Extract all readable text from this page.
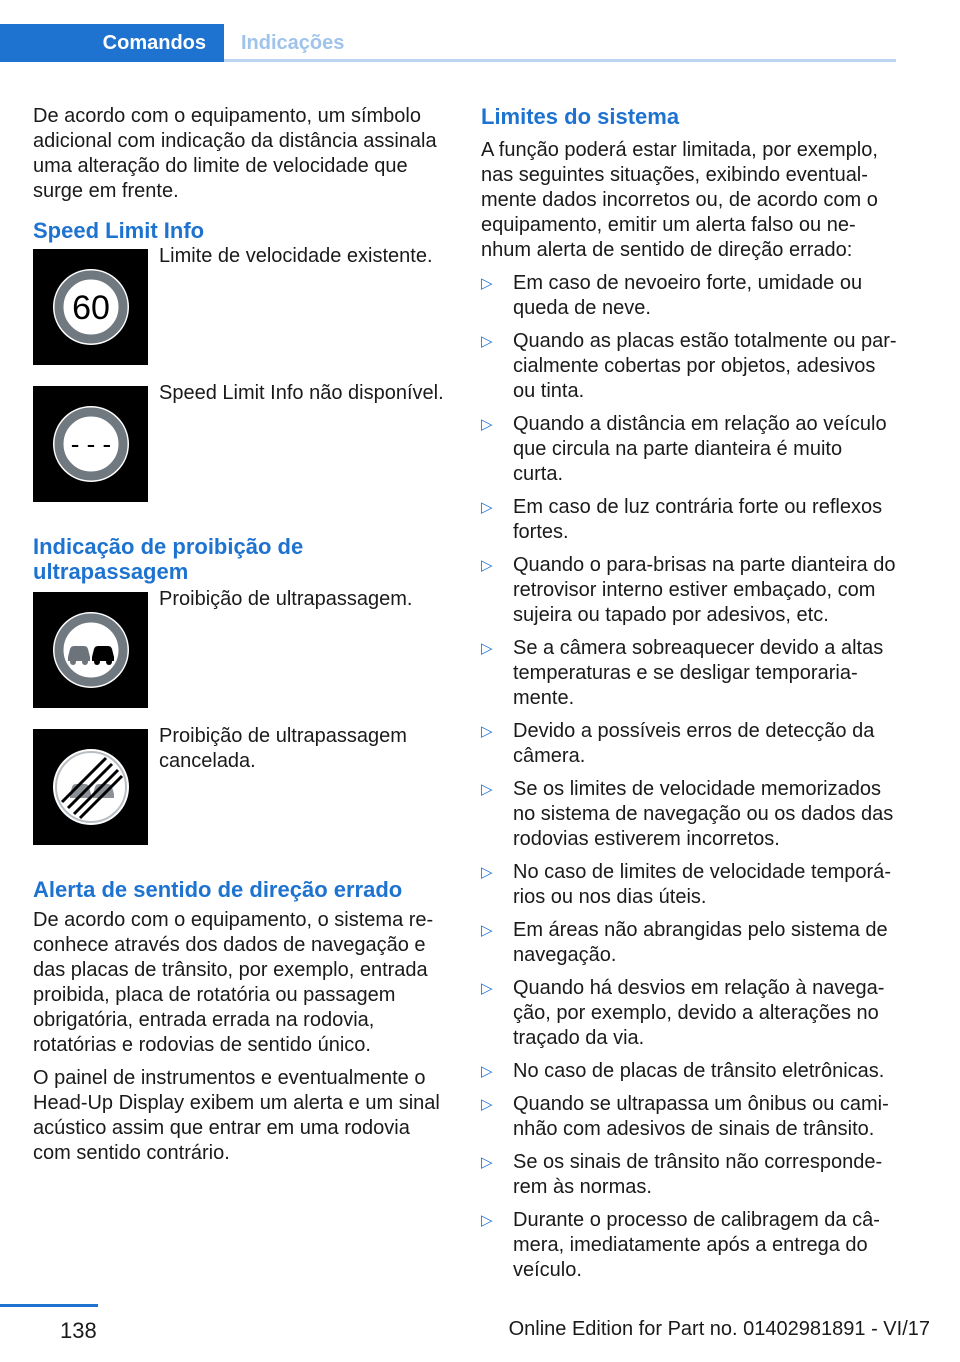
Comandos	Indicações

De acordo com o equipamento, um símbolo adicional com indicação da distância assinala uma alteração do limite de velocidade que surge em frente.

Speed Limit Info
60
Limite de velocidade existente.
- - -
Speed Limit Info não disponível.
Indicação de proibição de ultrapassagem
Proibição de ultrapassagem.
Proibição de ultrapassagem cancelada.
Alerta de sentido de direção errado

De acordo com o equipamento, o sistema reconhece através dos dados de navegação e das placas de trânsito, por exemplo, entrada proibida, placa de rotatória ou passagem obrigatória, entrada errada na rodovia, rotatórias e rodovias de sentido único.

O painel de instrumentos e eventualmente o Head-Up Display exibem um alerta e um sinal acústico assim que entrar em uma rodovia com sentido contrário.

Limites do sistema

A função poderá estar limitada, por exemplo, nas seguintes situações, exibindo eventualmente dados incorretos ou, de acordo com o equipamento, emitir um alerta falso ou nenhum alerta de sentido de direção errado:

▷ Em caso de nevoeiro forte, umidade ou queda de neve.
▷ Quando as placas estão totalmente ou parcialmente cobertas por objetos, adesivos ou tinta.
▷ Quando a distância em relação ao veículo que circula na parte dianteira é muito curta.
▷ Em caso de luz contrária forte ou reflexos fortes.
▷ Quando o para-brisas na parte dianteira do retrovisor interno estiver embaçado, com sujeira ou tapado por adesivos, etc.
▷ Se a câmera sobreaquecer devido a altas temperaturas e se desligar temporariamente.
▷ Devido a possíveis erros de detecção da câmera.
▷ Se os limites de velocidade memorizados no sistema de navegação ou os dados das rodovias estiverem incorretos.
▷ No caso de limites de velocidade temporários ou nos dias úteis.
▷ Em áreas não abrangidas pelo sistema de navegação.
▷ Quando há desvios em relação à navegação, por exemplo, devido a alterações no traçado da via.
▷ No caso de placas de trânsito eletrônicas.
▷ Quando se ultrapassa um ônibus ou caminhão com adesivos de sinais de trânsito.
▷ Se os sinais de trânsito não corresponderem às normas.
▷ Durante o processo de calibragem da câmera, imediatamente após a entrega do veículo.
138	Online Edition for Part no. 01402981891 - VI/17
